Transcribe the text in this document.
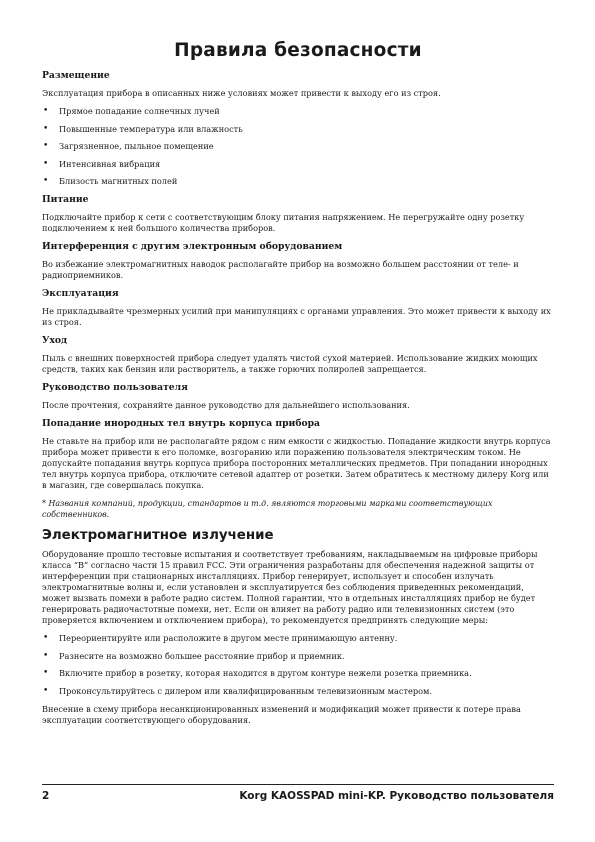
Правила безопасности
Размещение

Эксплуатация прибора в описанных ниже условиях может привести к выходу его из строя.

• Прямое попадание солнечных лучей
• Повышенные температура или влажность
• Загрязненное, пыльное помещение
• Интенсивная вибрация
• Близость магнитных полей
Питание

Подключайте прибор к сети с соответствующим блоку питания напряжением. Не перегружайте одну розетку подключением к ней большого количества приборов.

Интерференция с другим электронным оборудованием

Во избежание электромагнитных наводок располагайте прибор на возможно большем расстоянии от теле- и радиоприемников.

Эксплуатация

Не прикладывайте чрезмерных усилий при манипуляциях с органами управления. Это может привести к выходу их из строя.

Уход

Пыль с внешних поверхностей прибора следует удалять чистой сухой материей. Использование жидких моющих средств, таких как бензин или растворитель, а также горючих полиролей запрещается.

Руководство пользователя

После прочтения, сохраняйте данное руководство для дальнейшего использования.

Попадание инородных тел внутрь корпуса прибора

Не ставьте на прибор или не располагайте рядом с ним емкости с жидкостью. Попадание жидкости внутрь корпуса прибора может привести к его поломке, возгоранию или поражению пользователя электрическим током. Не допускайте попадания внутрь корпуса прибора посторонних металлических предметов. При попадании инородных тел внутрь корпуса прибора, отключите сетевой адаптер от розетки. Затем обратитесь к местному дилеру Korg или в магазин, где совершалась покупка.

* Названия компаний, продукции, стандартов и т.д. являются торговыми марками соответствующих собственников.

Электромагнитное излучение

Оборудование прошло тестовые испытания и соответствует требованиям, накладываемым на цифровые приборы класса “B” согласно части 15 правил FCC. Эти ограничения разработаны для обеспечения надежной защиты от интерференции при стационарных инсталляциях. Прибор генерирует, использует и способен излучать электромагнитные волны и, если установлен и эксплуатируется без соблюдения приведенных рекомендаций, может вызвать помехи в работе радио систем. Полной гарантии, что в отдельных инсталляциях прибор не будет генерировать радиочастотные помехи, нет. Если он влияет на работу радио или телевизионных систем (это проверяется включением и отключением прибора), то рекомендуется предпринять следующие меры:

• Переориентируйте или расположите в другом месте принимающую антенну.
• Разнесите на возможно большее расстояние прибор и приемник.
• Включите прибор в розетку, которая находится в другом контуре нежели розетка приемника.
• Проконсультируйтесь с дилером или квалифицированным телевизионным мастером.

Внесение в схему прибора несанкционированных изменений и модификаций может привести к потере права эксплуатации соответствующего оборудования.

2	Korg KAOSSPAD mini-KP. Руководство пользователя
